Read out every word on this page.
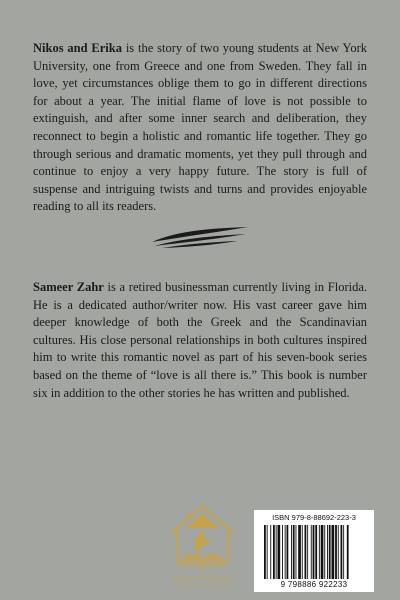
Nikos and Erika is the story of two young students at New York University, one from Greece and one from Sweden. They fall in love, yet circumstances oblige them to go in different directions for about a year. The initial flame of love is not possible to extinguish, and after some inner search and deliberation, they reconnect to begin a holistic and romantic life together. They go through serious and dramatic moments, yet they pull through and continue to enjoy a very happy future. The story is full of suspense and intriguing twists and turns and provides enjoyable reading to all its readers.

Sameer Zahr is a retired businessman currently living in Florida. He is a dedicated author/writer now. His vast career gave him deeper knowledge of both the Greek and the Scandinavian cultures. His close personal relationships in both cultures inspired him to write this romantic novel as part of his seven-book series based on the theme of “love is all there is.” This book is number six in addition to the other stories he has written and published.

Scriptor House
THE ESSENCE OF EXCELLENCE
ISBN 979-8-88692-223-3
9 798886 922233
